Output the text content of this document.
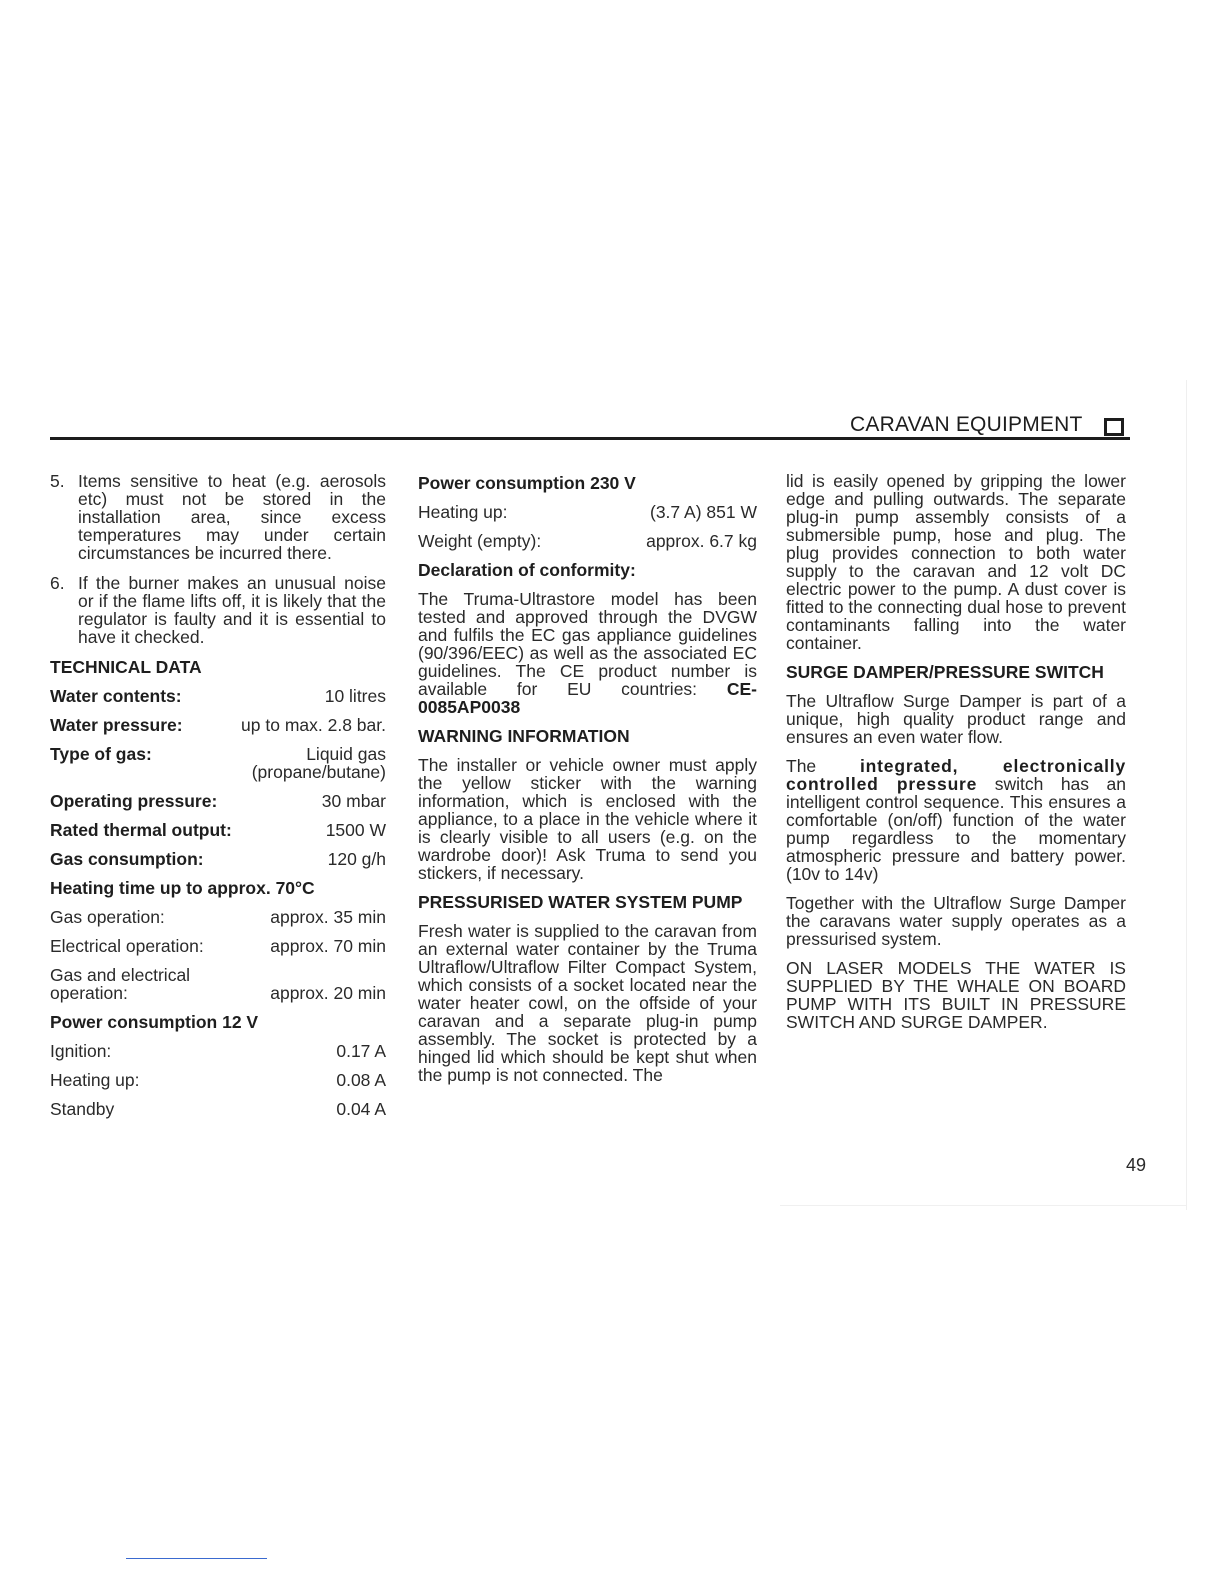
CARAVAN EQUIPMENT
5. Items sensitive to heat (e.g. aerosols etc) must not be stored in the installation area, since excess temperatures may under certain circumstances be incurred there.
6. If the burner makes an unusual noise or if the flame lifts off, it is likely that the regulator is faulty and it is essential to have it checked.
TECHNICAL DATA
Water contents:	10 litres
Water pressure:	up to max. 2.8 bar.
Type of gas:	Liquid gas (propane/butane)
Operating pressure:	30 mbar
Rated thermal output:	1500 W
Gas consumption:	120 g/h
Heating time up to approx. 70°C
Gas operation:	approx. 35 min
Electrical operation:	approx. 70 min
Gas and electrical operation:	approx. 20 min
Power consumption 12 V
Ignition:	0.17 A
Heating up:	0.08 A
Standby	0.04 A
Power consumption 230 V
Heating up:	(3.7 A) 851 W
Weight (empty):	approx. 6.7 kg
Declaration of conformity:

The Truma-Ultrastore model has been tested and approved through the DVGW and fulfils the EC gas appliance guidelines (90/396/EEC) as well as the associated EC guidelines. The CE product number is available for EU countries: CE-0085AP0038

WARNING INFORMATION

The installer or vehicle owner must apply the yellow sticker with the warning information, which is enclosed with the appliance, to a place in the vehicle where it is clearly visible to all users (e.g. on the wardrobe door)! Ask Truma to send you stickers, if necessary.

PRESSURISED WATER SYSTEM PUMP

Fresh water is supplied to the caravan from an external water container by the Truma Ultraflow/Ultraflow Filter Compact System, which consists of a socket located near the water heater cowl, on the offside of your caravan and a separate plug-in pump assembly. The socket is protected by a hinged lid which should be kept shut when the pump is not connected. The

lid is easily opened by gripping the lower edge and pulling outwards. The separate plug-in pump assembly consists of a submersible pump, hose and plug. The plug provides connection to both water supply to the caravan and 12 volt DC electric power to the pump. A dust cover is fitted to the connecting dual hose to prevent contaminants falling into the water container.

SURGE DAMPER/PRESSURE SWITCH

The Ultraflow Surge Damper is part of a unique, high quality product range and ensures an even water flow.

The	integrated, electronically controlled pressure switch has an intelligent control sequence. This ensures a comfortable (on/off) function of the water pump regardless to the momentary atmospheric pressure and battery power. (10v to 14v)

Together with the Ultraflow Surge Damper the caravans water supply operates as a pressurised system.

ON LASER MODELS THE WATER IS SUPPLIED BY THE WHALE ON BOARD PUMP WITH ITS BUILT IN PRESSURE SWITCH AND SURGE DAMPER.

49
